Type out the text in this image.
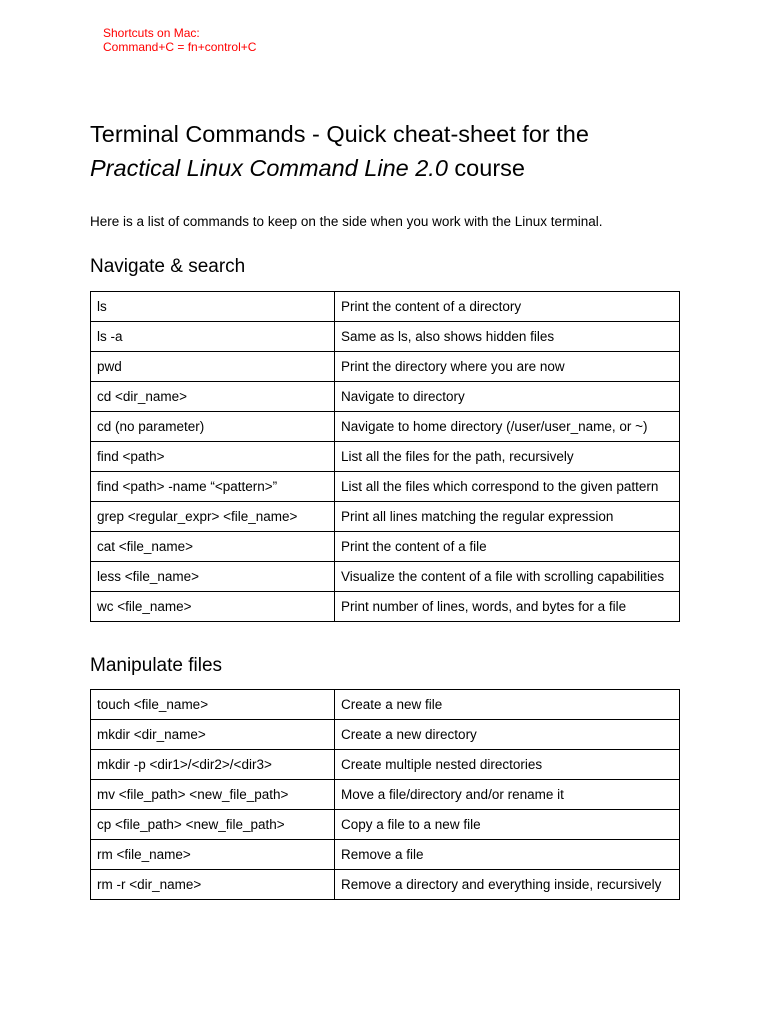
Shortcuts on Mac:
Command+C = fn+control+C
Terminal Commands - Quick cheat-sheet for the
Practical Linux Command Line 2.0 course

Here is a list of commands to keep on the side when you work with the Linux terminal.

Navigate & search
ls	Print the content of a directory
ls -a	Same as ls, also shows hidden files
pwd	Print the directory where you are now
cd <dir_name>	Navigate to directory
cd (no parameter)	Navigate to home directory (/user/user_name, or ~)
find <path>	List all the files for the path, recursively
find <path> -name “<pattern>”	List all the files which correspond to the given pattern
grep <regular_expr> <file_name>	Print all lines matching the regular expression
cat <file_name>	Print the content of a file
less <file_name>	Visualize the content of a file with scrolling capabilities
wc <file_name>	Print number of lines, words, and bytes for a file
Manipulate files
touch <file_name>	Create a new file
mkdir <dir_name>	Create a new directory
mkdir -p <dir1>/<dir2>/<dir3>	Create multiple nested directories
mv <file_path> <new_file_path>	Move a file/directory and/or rename it
cp <file_path> <new_file_path>	Copy a file to a new file
rm <file_name>	Remove a file
rm -r <dir_name>	Remove a directory and everything inside, recursively
